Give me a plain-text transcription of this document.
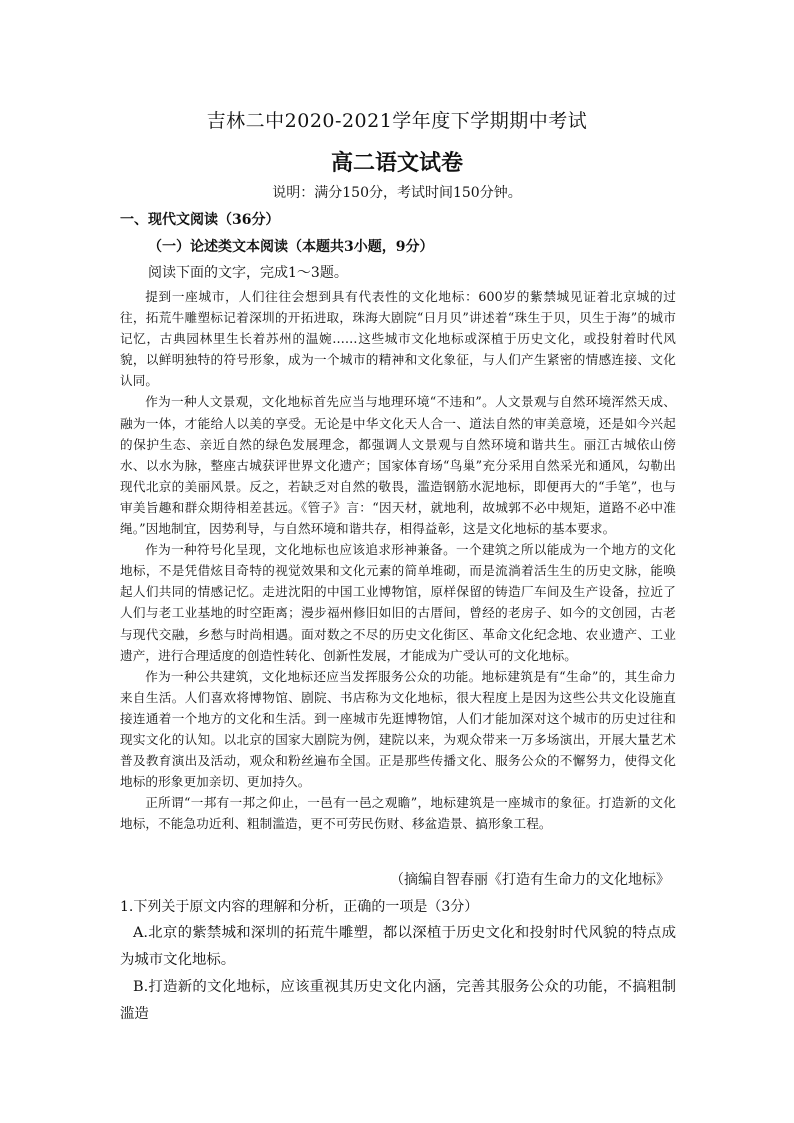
吉林二中2020-2021学年度下学期期中考试
高二语文试卷
说明：满分150分，考试时间150分钟。
一、现代文阅读（36分）
（一）论述类文本阅读（本题共3小题，9分）
阅读下面的文字，完成1～3题。

提到一座城市，人们往往会想到具有代表性的文化地标：600岁的紫禁城见证着北京城的过往，拓荒牛雕塑标记着深圳的开拓进取，珠海大剧院“日月贝”讲述着“珠生于贝，贝生于海”的城市记忆，古典园林里生长着苏州的温婉……这些城市文化地标或深植于历史文化，或投射着时代风貌，以鲜明独特的符号形象，成为一个城市的精神和文化象征，与人们产生紧密的情感连接、文化认同。

作为一种人文景观，文化地标首先应当与地理环境“不违和”。人文景观与自然环境浑然天成、融为一体，才能给人以美的享受。无论是中华文化天人合一、道法自然的审美意境，还是如今兴起的保护生态、亲近自然的绿色发展理念，都强调人文景观与自然环境和谐共生。丽江古城依山傍水、以水为脉，整座古城获评世界文化遗产；国家体育场“鸟巢”充分采用自然采光和通风，勾勒出现代北京的美丽风景。反之，若缺乏对自然的敬畏，滥造钢筋水泥地标，即便再大的“手笔”，也与审美旨趣和群众期待相差甚远。《管子》言：“因天材，就地利，故城郭不必中规矩，道路不必中准绳。”因地制宜，因势利导，与自然环境和谐共存，相得益彰，这是文化地标的基本要求。

作为一种符号化呈现，文化地标也应该追求形神兼备。一个建筑之所以能成为一个地方的文化地标，不是凭借炫目奇特的视觉效果和文化元素的简单堆砌，而是流淌着活生生的历史文脉，能唤起人们共同的情感记忆。走进沈阳的中国工业博物馆，原样保留的铸造厂车间及生产设备，拉近了人们与老工业基地的时空距离；漫步福州修旧如旧的古厝间，曾经的老房子、如今的文创园，古老与现代交融，乡愁与时尚相遇。面对数之不尽的历史文化街区、革命文化纪念地、农业遗产、工业遗产，进行合理适度的创造性转化、创新性发展，才能成为广受认可的文化地标。

作为一种公共建筑，文化地标还应当发挥服务公众的功能。地标建筑是有“生命”的，其生命力来自生活。人们喜欢将博物馆、剧院、书店称为文化地标，很大程度上是因为这些公共文化设施直接连通着一个地方的文化和生活。到一座城市先逛博物馆，人们才能加深对这个城市的历史过往和现实文化的认知。以北京的国家大剧院为例，建院以来，为观众带来一万多场演出，开展大量艺术普及教育演出及活动，观众和粉丝遍布全国。正是那些传播文化、服务公众的不懈努力，使得文化地标的形象更加亲切、更加持久。

正所谓“一邦有一邦之仰止，一邑有一邑之观瞻”，地标建筑是一座城市的象征。打造新的文化地标，不能急功近利、粗制滥造，更不可劳民伤财、移盆造景、搞形象工程。

（摘编自智春丽《打造有生命力的文化地标》
1.下列关于原文内容的理解和分析，正确的一项是（3分）

A.北京的紫禁城和深圳的拓荒牛雕塑，都以深植于历史文化和投射时代风貌的特点成为城市文化地标。

B.打造新的文化地标，应该重视其历史文化内涵，完善其服务公众的功能，不搞粗制滥造
